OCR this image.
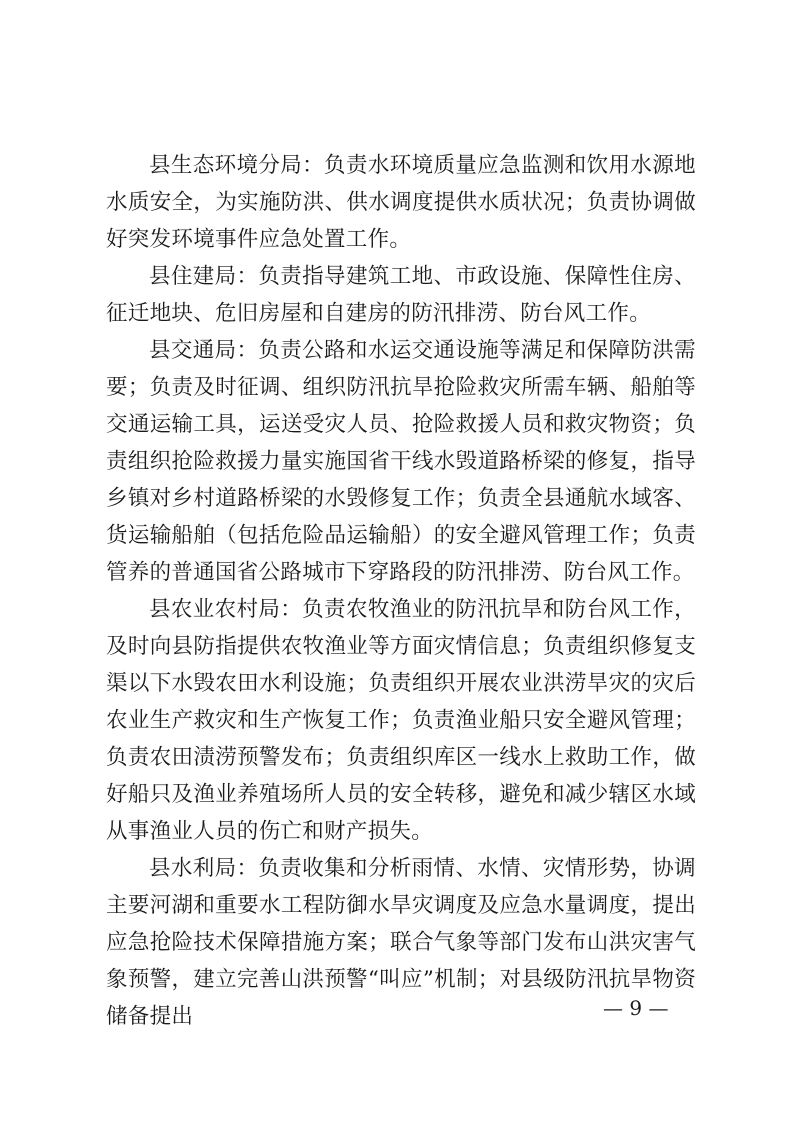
县生态环境分局：负责水环境质量应急监测和饮用水源地水质安全，为实施防洪、供水调度提供水质状况；负责协调做好突发环境事件应急处置工作。

县住建局：负责指导建筑工地、市政设施、保障性住房、征迁地块、危旧房屋和自建房的防汛排涝、防台风工作。

县交通局：负责公路和水运交通设施等满足和保障防洪需要；负责及时征调、组织防汛抗旱抢险救灾所需车辆、船舶等交通运输工具，运送受灾人员、抢险救援人员和救灾物资；负责组织抢险救援力量实施国省干线水毁道路桥梁的修复，指导乡镇对乡村道路桥梁的水毁修复工作；负责全县通航水域客、货运输船舶（包括危险品运输船）的安全避风管理工作；负责管养的普通国省公路城市下穿路段的防汛排涝、防台风工作。

县农业农村局：负责农牧渔业的防汛抗旱和防台风工作，及时向县防指提供农牧渔业等方面灾情信息；负责组织修复支渠以下水毁农田水利设施；负责组织开展农业洪涝旱灾的灾后农业生产救灾和生产恢复工作；负责渔业船只安全避风管理；负责农田渍涝预警发布；负责组织库区一线水上救助工作，做好船只及渔业养殖场所人员的安全转移，避免和减少辖区水域从事渔业人员的伤亡和财产损失。

县水利局：负责收集和分析雨情、水情、灾情形势，协调主要河湖和重要水工程防御水旱灾调度及应急水量调度，提出应急抢险技术保障措施方案；联合气象等部门发布山洪灾害气象预警，建立完善山洪预警“叫应”机制；对县级防汛抗旱物资储备提出	— 9 —
